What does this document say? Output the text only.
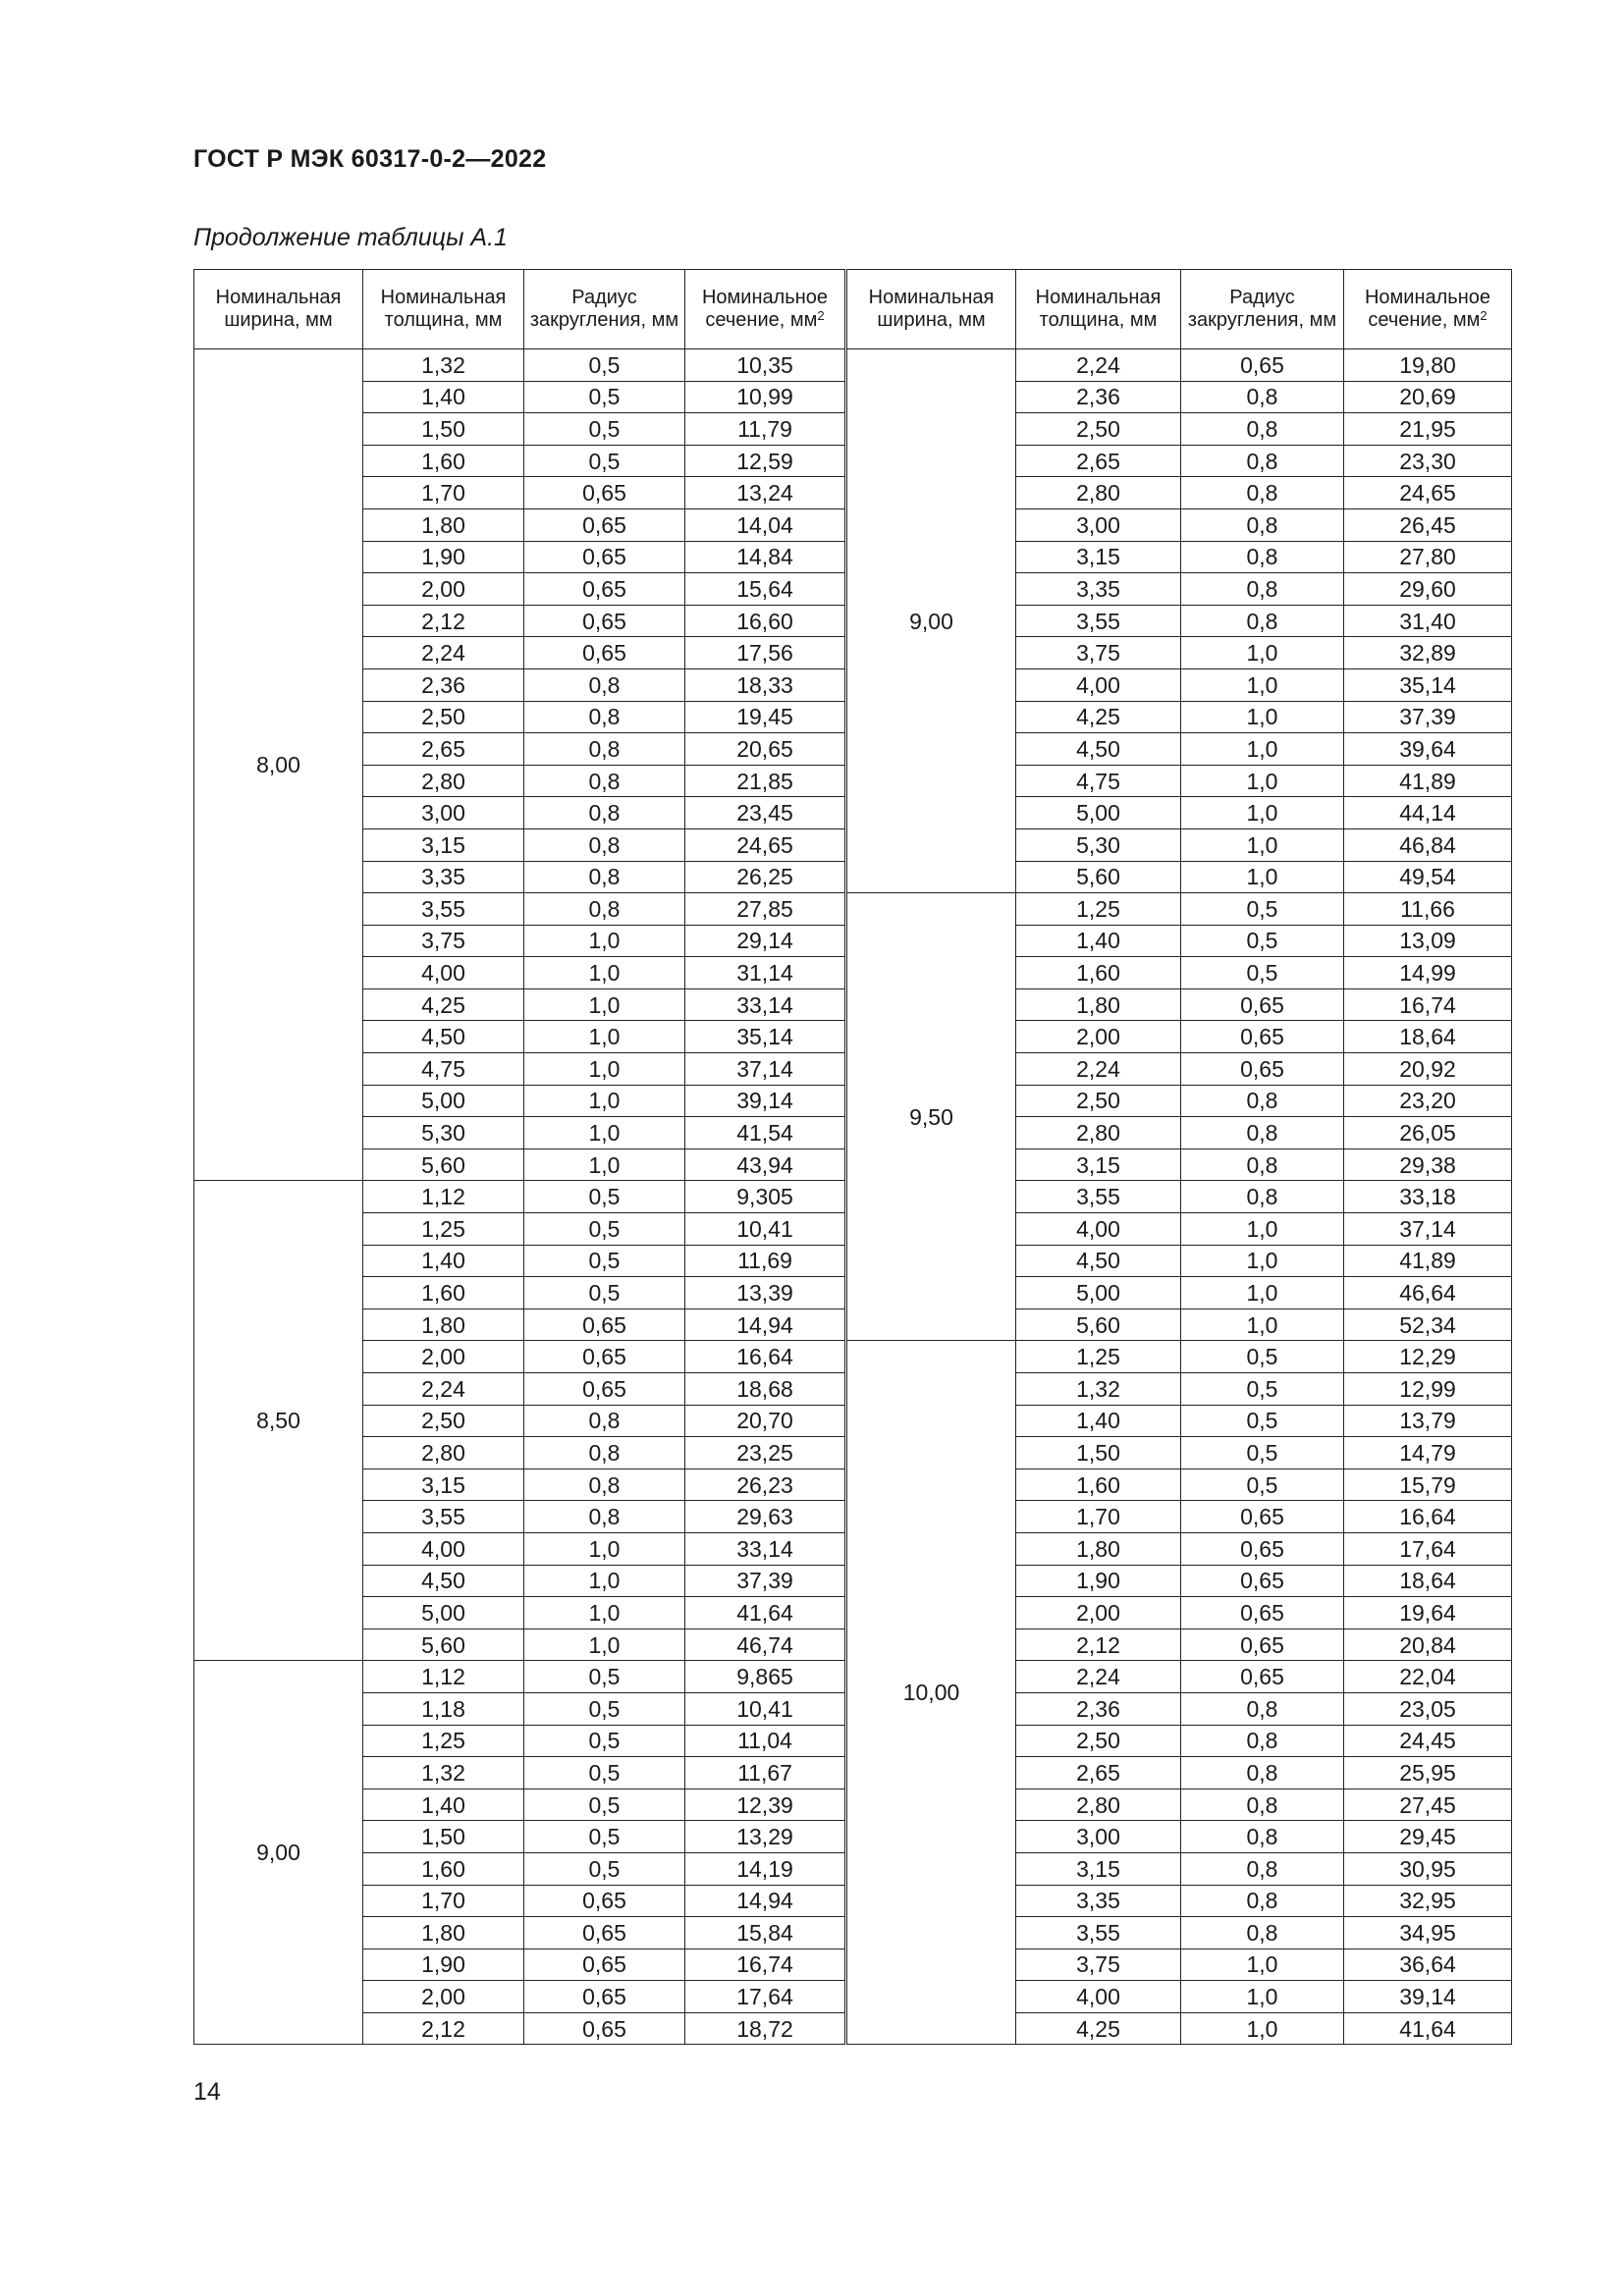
ГОСТ Р МЭК 60317-0-2—2022
Продолжение таблицы А.1
Номинальная ширина, мм	Номинальная толщина, мм	Радиус закругления, мм	Номинальное сечение, $мм^2$	Номинальная ширина, мм	Номинальная толщина, мм	Радиус закругления, мм	Номинальное сечение, $мм^2$
8,00	1,32	0,5	10,35	9,00	2,24	0,65	19,80
	1,40	0,5	10,99		2,36	0,8	20,69
	1,50	0,5	11,79		2,50	0,8	21,95
	1,60	0,5	12,59		2,65	0,8	23,30
	1,70	0,65	13,24		2,80	0,8	24,65
	1,80	0,65	14,04		3,00	0,8	26,45
	1,90	0,65	14,84		3,15	0,8	27,80
	2,00	0,65	15,64		3,35	0,8	29,60
	2,12	0,65	16,60		3,55	0,8	31,40
	2,24	0,65	17,56		3,75	1,0	32,89
	2,36	0,8	18,33		4,00	1,0	35,14
	2,50	0,8	19,45		4,25	1,0	37,39
	2,65	0,8	20,65		4,50	1,0	39,64
	2,80	0,8	21,85		4,75	1,0	41,89
	3,00	0,8	23,45		5,00	1,0	44,14
	3,15	0,8	24,65		5,30	1,0	46,84
	3,35	0,8	26,25		5,60	1,0	49,54
	3,55	0,8	27,85	9,50	1,25	0,5	11,66
	3,75	1,0	29,14		1,40	0,5	13,09
	4,00	1,0	31,14		1,60	0,5	14,99
	4,25	1,0	33,14		1,80	0,65	16,74
	4,50	1,0	35,14		2,00	0,65	18,64
	4,75	1,0	37,14		2,24	0,65	20,92
	5,00	1,0	39,14		2,50	0,8	23,20
	5,30	1,0	41,54		2,80	0,8	26,05
	5,60	1,0	43,94		3,15	0,8	29,38
8,50	1,12	0,5	9,305		3,55	0,8	33,18
	1,25	0,5	10,41		4,00	1,0	37,14
	1,40	0,5	11,69		4,50	1,0	41,89
	1,60	0,5	13,39		5,00	1,0	46,64
	1,80	0,65	14,94		5,60	1,0	52,34
	2,00	0,65	16,64	10,00	1,25	0,5	12,29
	2,24	0,65	18,68		1,32	0,5	12,99
	2,50	0,8	20,70		1,40	0,5	13,79
	2,80	0,8	23,25		1,50	0,5	14,79
	3,15	0,8	26,23		1,60	0,5	15,79
	3,55	0,8	29,63		1,70	0,65	16,64
	4,00	1,0	33,14		1,80	0,65	17,64
	4,50	1,0	37,39		1,90	0,65	18,64
	5,00	1,0	41,64		2,00	0,65	19,64
	5,60	1,0	46,74		2,12	0,65	20,84
9,00	1,12	0,5	9,865		2,24	0,65	22,04
	1,18	0,5	10,41		2,36	0,8	23,05
	1,25	0,5	11,04		2,50	0,8	24,45
	1,32	0,5	11,67		2,65	0,8	25,95
	1,40	0,5	12,39		2,80	0,8	27,45
	1,50	0,5	13,29		3,00	0,8	29,45
	1,60	0,5	14,19		3,15	0,8	30,95
	1,70	0,65	14,94		3,35	0,8	32,95
	1,80	0,65	15,84		3,55	0,8	34,95
	1,90	0,65	16,74		3,75	1,0	36,64
	2,00	0,65	17,64		4,00	1,0	39,14
	2,12	0,65	18,72		4,25	1,0	41,64
14
